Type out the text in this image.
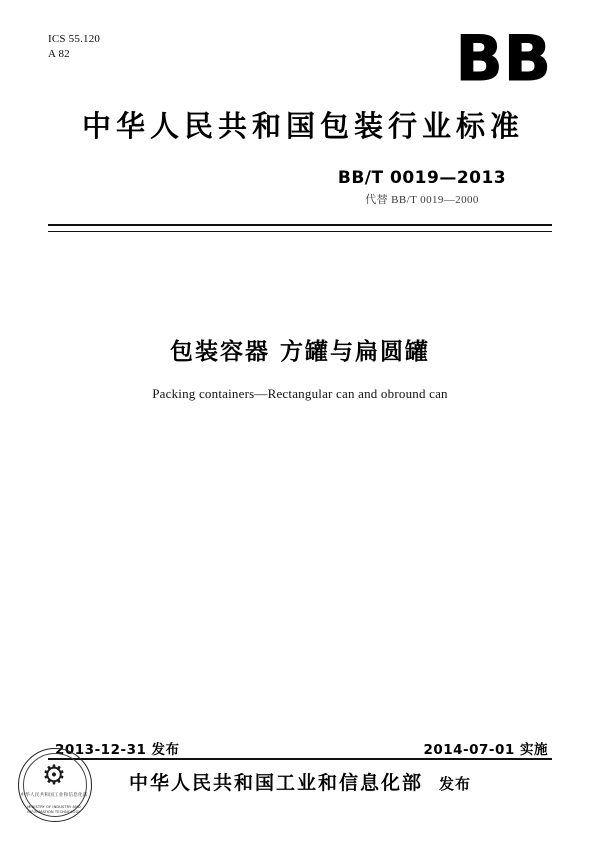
ICS 55.120
A 82	BB
中华人民共和国包装行业标准
BB/T 0019—2013
代替 BB/T 0019—2000
包装容器 方罐与扁圆罐
Packing containers—Rectangular can and obround can
2013-12-31 发布	2014-07-01 实施
中华人民共和国工业和信息化部 发布
⚙
中华人民共和国工业和信息化部
MINISTRY OF INDUSTRY AND INFORMATION TECHNOLOGY
